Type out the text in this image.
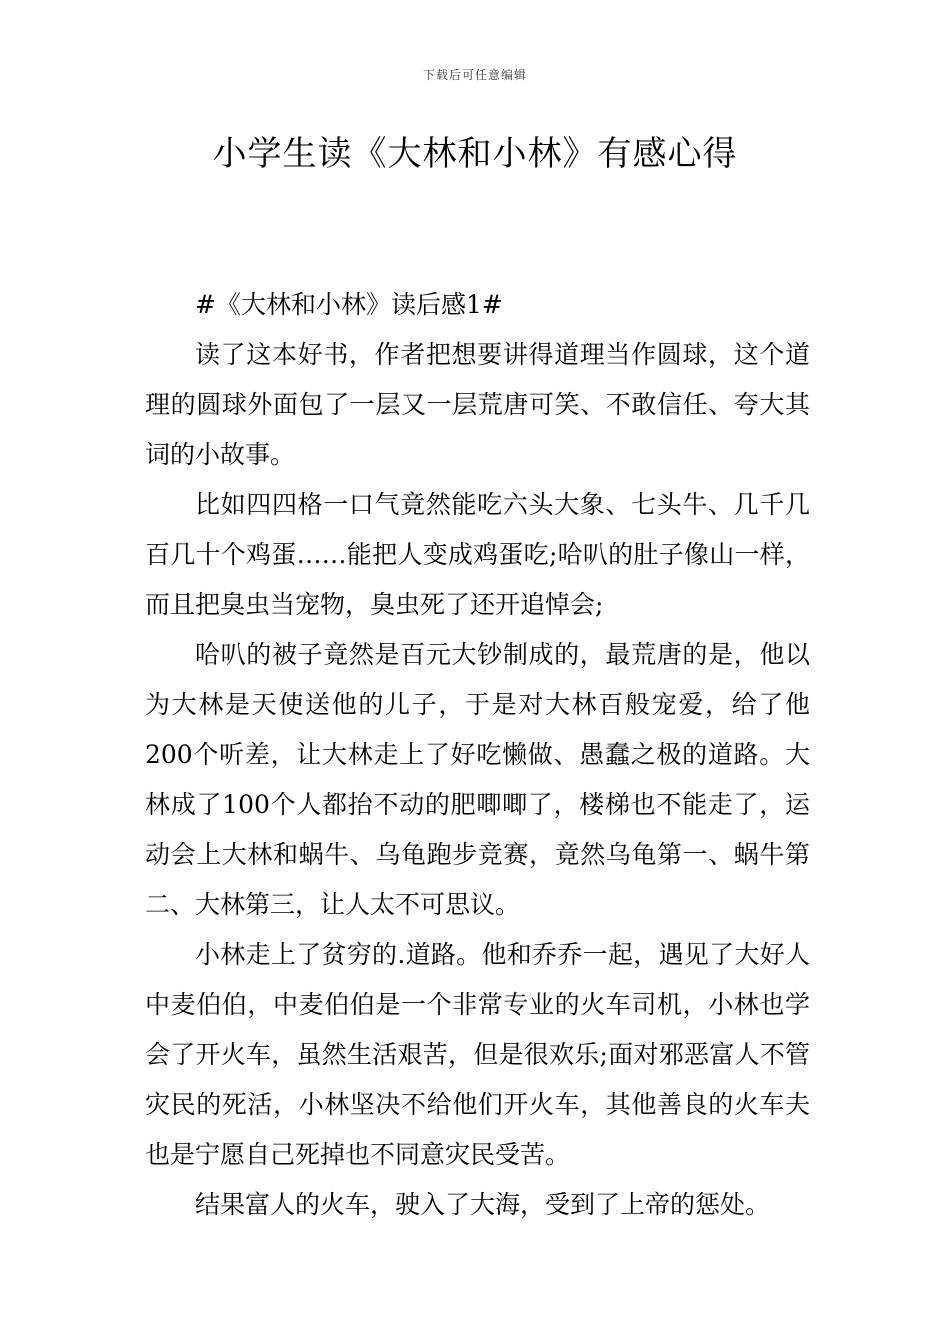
下载后可任意编辑
小学生读《大林和小林》有感心得

#《大林和小林》读后感1#

读了这本好书，作者把想要讲得道理当作圆球，这个道理的圆球外面包了一层又一层荒唐可笑、不敢信任、夸大其词的小故事。

比如四四格一口气竟然能吃六头大象、七头牛、几千几百几十个鸡蛋……能把人变成鸡蛋吃;哈叭的肚子像山一样，而且把臭虫当宠物，臭虫死了还开追悼会;

哈叭的被子竟然是百元大钞制成的，最荒唐的是，他以为大林是天使送他的儿子，于是对大林百般宠爱，给了他200个听差，让大林走上了好吃懒做、愚蠢之极的道路。大林成了100个人都抬不动的肥唧唧了，楼梯也不能走了，运动会上大林和蜗牛、乌龟跑步竞赛，竟然乌龟第一、蜗牛第二、大林第三，让人太不可思议。

小林走上了贫穷的.道路。他和乔乔一起，遇见了大好人中麦伯伯，中麦伯伯是一个非常专业的火车司机，小林也学会了开火车，虽然生活艰苦，但是很欢乐;面对邪恶富人不管灾民的死活，小林坚决不给他们开火车，其他善良的火车夫也是宁愿自己死掉也不同意灾民受苦。

结果富人的火车，驶入了大海，受到了上帝的惩处。
